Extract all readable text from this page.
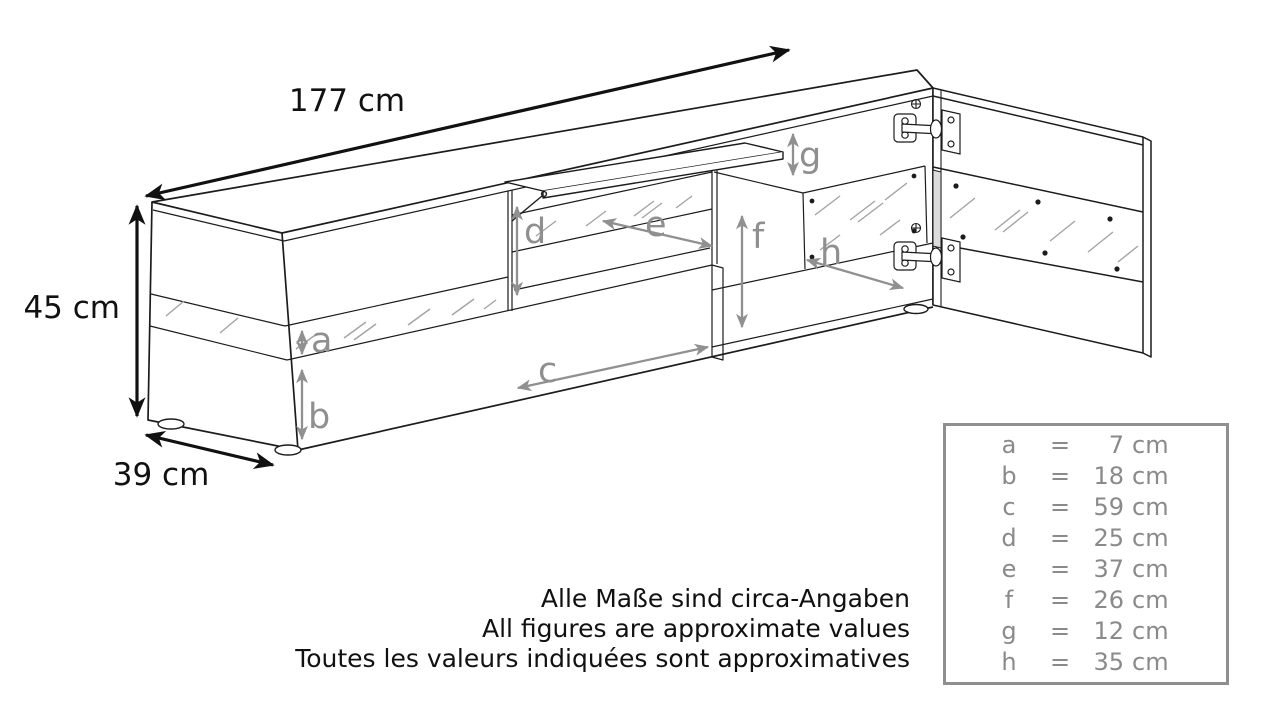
177 cm
45 cm
39 cm
a
b
c
d	e f
g
h
a	=	7 cm
b	= 18 cm
c	= 59 cm
d	= 25 cm
e	= 37 cm
f	= 26 cm
g	= 12 cm
h	= 35 cm
Alle Maße sind circa-Angaben
All figures are approximate values
Toutes les valeurs indiquées sont approximatives
